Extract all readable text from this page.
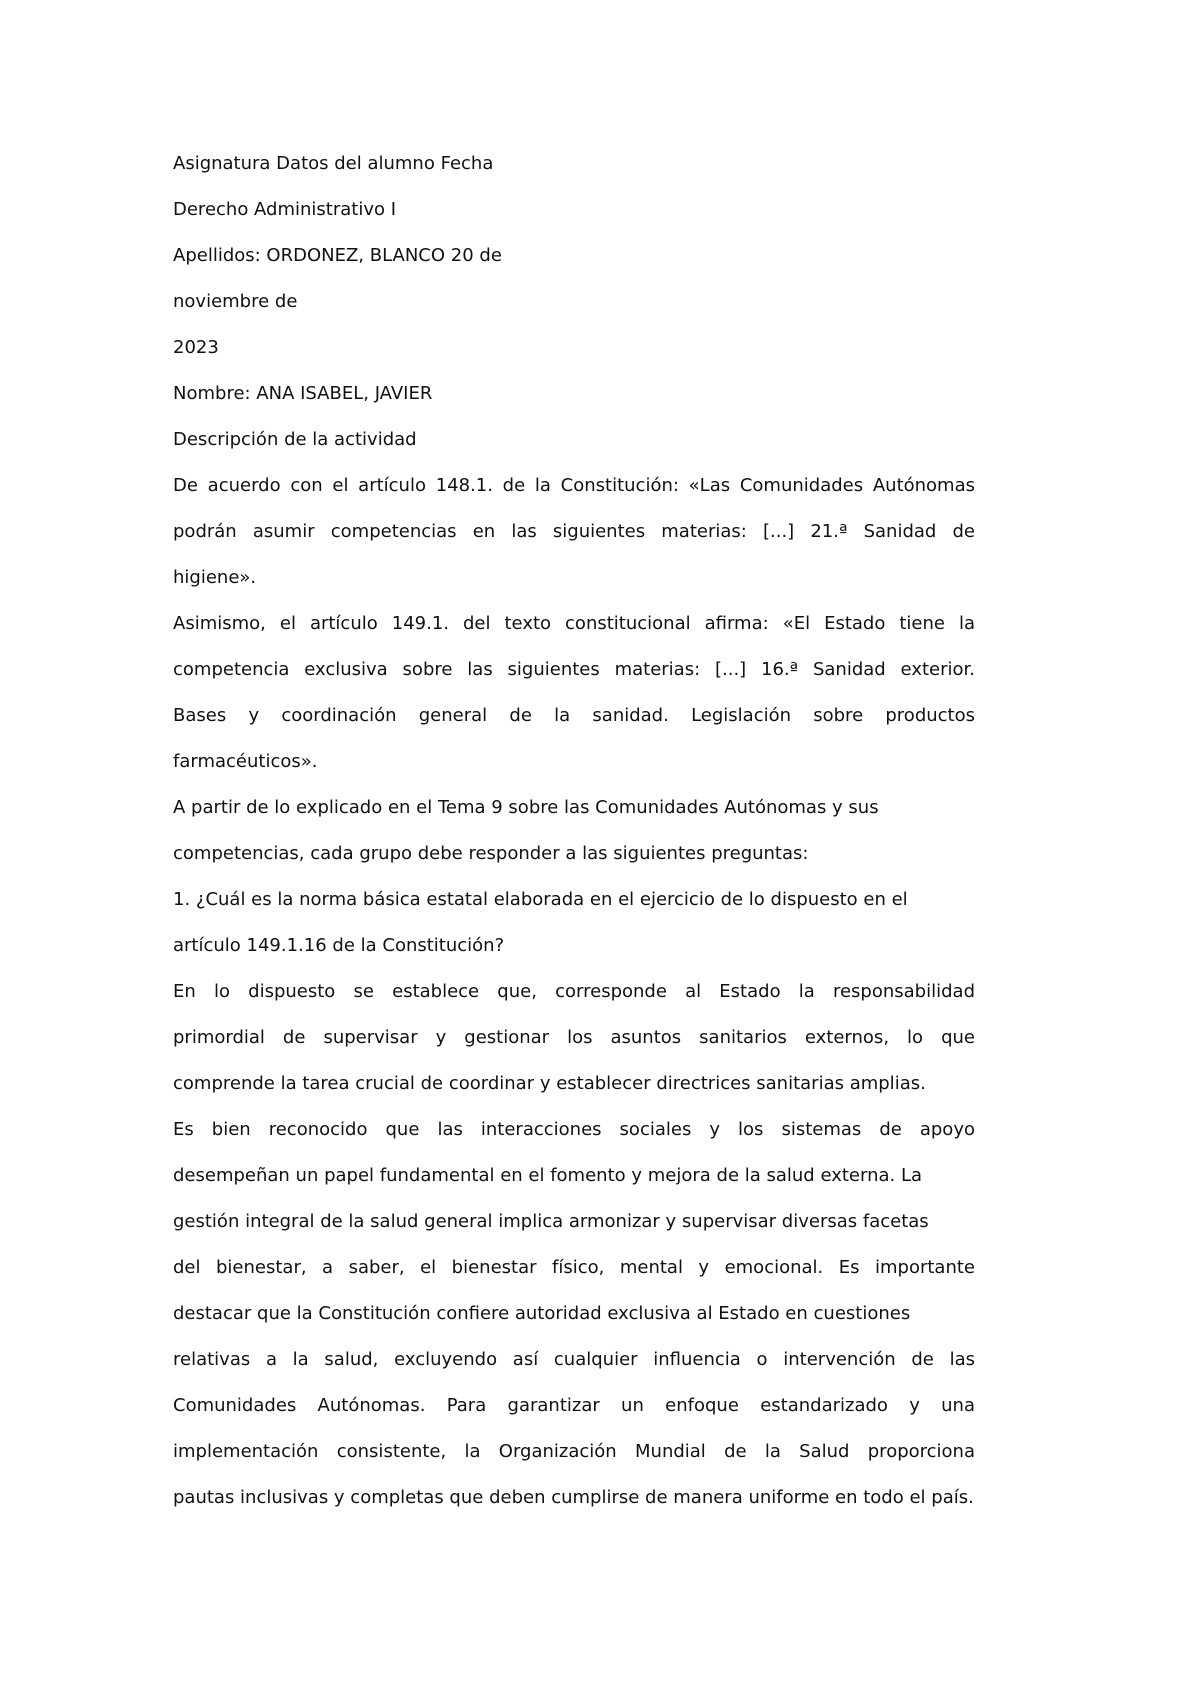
Asignatura Datos del alumno Fecha
Derecho Administrativo I
Apellidos: ORDONEZ, BLANCO 20 de
noviembre de
2023
Nombre: ANA ISABEL, JAVIER
Descripción de la actividad
De acuerdo con el artículo 148.1. de la Constitución: «Las Comunidades Autónomas
podrán asumir competencias en las siguientes materias: [...] 21.ª Sanidad de
higiene».
Asimismo, el artículo 149.1. del texto constitucional afirma: «El Estado tiene la
competencia exclusiva sobre las siguientes materias: [...] 16.ª Sanidad exterior.
Bases y coordinación general de la sanidad. Legislación sobre productos
farmacéuticos».
A partir de lo explicado en el Tema 9 sobre las Comunidades Autónomas y sus
competencias, cada grupo debe responder a las siguientes preguntas:
1. ¿Cuál es la norma básica estatal elaborada en el ejercicio de lo dispuesto en el
artículo 149.1.16 de la Constitución?
En lo dispuesto se establece que, corresponde al Estado la responsabilidad
primordial de supervisar y gestionar los asuntos sanitarios externos, lo que
comprende la tarea crucial de coordinar y establecer directrices sanitarias amplias.
Es bien reconocido que las interacciones sociales y los sistemas de apoyo
desempeñan un papel fundamental en el fomento y mejora de la salud externa. La
gestión integral de la salud general implica armonizar y supervisar diversas facetas
del bienestar, a saber, el bienestar físico, mental y emocional. Es importante
destacar que la Constitución confiere autoridad exclusiva al Estado en cuestiones
relativas a la salud, excluyendo así cualquier influencia o intervención de las
Comunidades Autónomas. Para garantizar un enfoque estandarizado y una
implementación consistente, la Organización Mundial de la Salud proporciona
pautas inclusivas y completas que deben cumplirse de manera uniforme en todo el país.
